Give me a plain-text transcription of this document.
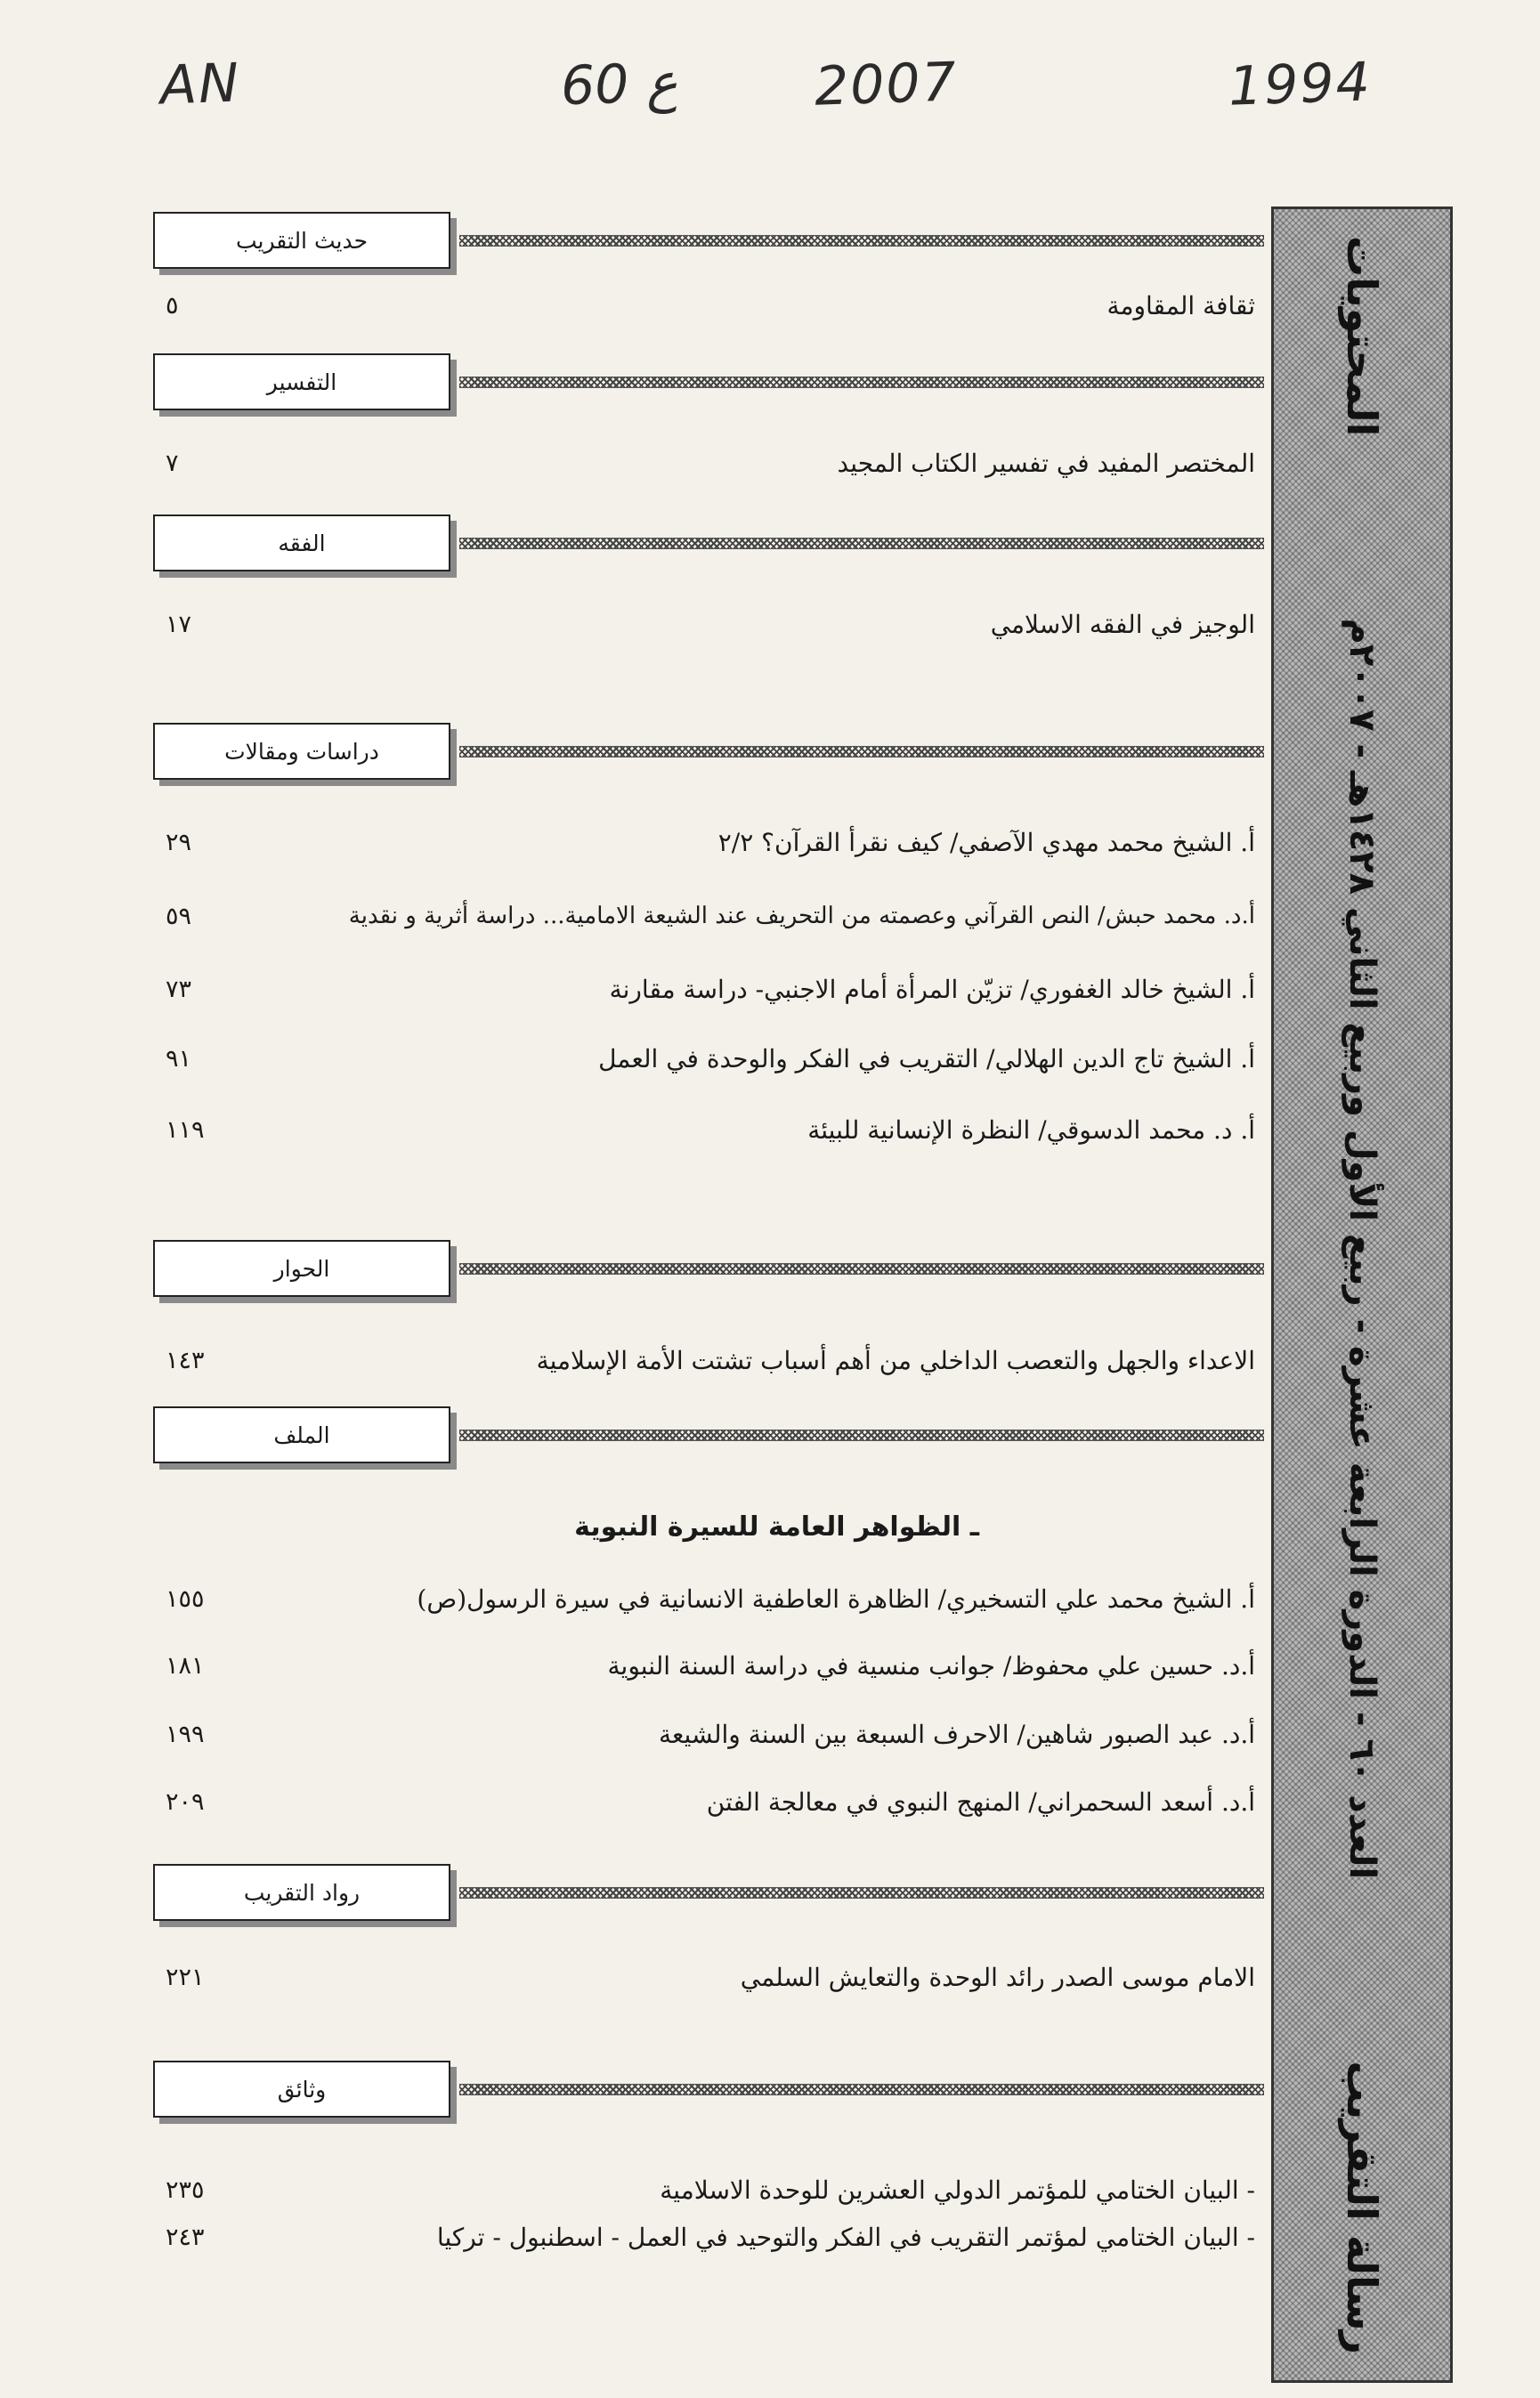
AN	60 ع	2007	1994
رسالة التقريب
العدد ٦٠ - الدورة الرابعة عشرة - ربيع الأول وربيع الثاني ١٤٢٨هـ - ٢٠٠٧م
المحتويات
حديث التقريب
٥	ثقافة المقاومة
التفسير
٧	المختصر المفيد في تفسير الكتاب المجيد
الفقه
١٧	الوجيز في الفقه الاسلامي
دراسات ومقالات
٢٩	أ. الشيخ محمد مهدي الآصفي/ كيف نقرأ القرآن؟ ٢/٢
٥٩	أ.د. محمد حبش/ النص القرآني وعصمته من التحريف عند الشيعة الامامية... دراسة أثرية و نقدية
٧٣	أ. الشيخ خالد الغفوري/ تزيّن المرأة أمام الاجنبي- دراسة مقارنة
٩١	أ. الشيخ تاج الدين الهلالي/ التقريب في الفكر والوحدة في العمل
١١٩	أ. د. محمد الدسوقي/ النظرة الإنسانية للبيئة
الحوار
١٤٣	الاعداء والجهل والتعصب الداخلي من أهم أسباب تشتت الأمة الإسلامية
الملف
ـ الظواهر العامة للسيرة النبوية
١٥٥	أ. الشيخ محمد علي التسخيري/ الظاهرة العاطفية الانسانية في سيرة الرسول(ص)
١٨١	أ.د. حسين علي محفوظ/ جوانب منسية في دراسة السنة النبوية
١٩٩	أ.د. عبد الصبور شاهين/ الاحرف السبعة بين السنة والشيعة
٢٠٩	أ.د. أسعد السحمراني/ المنهج النبوي في معالجة الفتن
رواد التقريب
٢٢١	الامام موسى الصدر رائد الوحدة والتعايش السلمي
وثائق
٢٣٥	- البيان الختامي للمؤتمر الدولي العشرين للوحدة الاسلامية
٢٤٣	- البيان الختامي لمؤتمر التقريب في الفكر والتوحيد في العمل - اسطنبول - تركيا
